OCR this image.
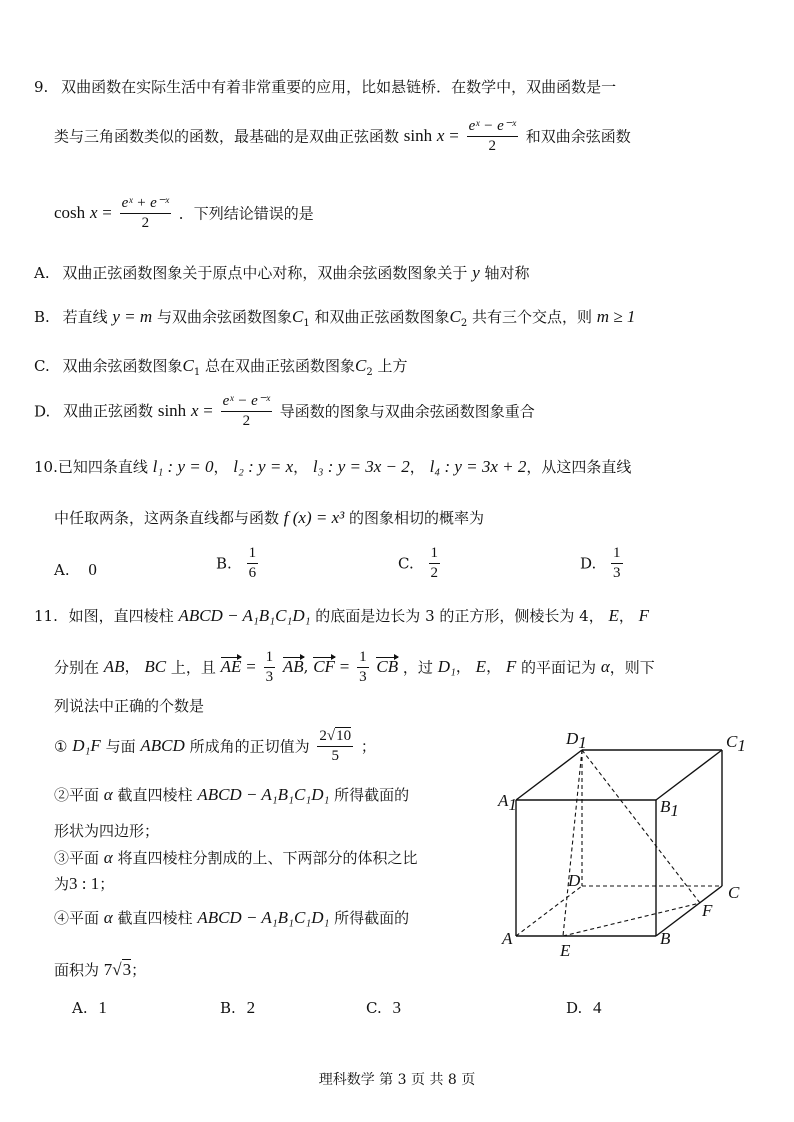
9. 双曲函数在实际生活中有着非常重要的应用，比如悬链桥．在数学中，双曲函数是一
类与三角函数类似的函数，最基础的是双曲正弦函数 $\sinh x = \frac{\text{eˣ − e⁻ˣ}}{2}$ 和双曲余弦函数
$\cosh x = \frac{\text{eˣ + e⁻ˣ}}{2}$ ．下列结论错误的是
A. 双曲正弦函数图象关于原点中心对称，双曲余弦函数图象关于 y 轴对称
B. 若直线 y = m 与双曲余弦函数图象$C_1$ 和双曲正弦函数图象$C_2$ 共有三个交点，则 m ≥ 1
C. 双曲余弦函数图象$C_1$ 总在双曲正弦函数图象$C_2$ 上方
D. 双曲正弦函数 $\sinh x = \frac{\text{eˣ − e⁻ˣ}}{2}$ 导函数的图象与双曲余弦函数图象重合
10.已知四条直线 l₁ : y = 0， l₂ : y = x， l₃ : y = 3x − 2， l₄ : y = 3x + 2，从这四条直线
中任取两条，这两条直线都与函数 f (x) = x³ 的图象相切的概率为
A. 0	B. $\frac{1}{6}$	C. $\frac{1}{2}$	D. $\frac{1}{3}$
11. 如图，直四棱柱 ABCD − A₁B₁C₁D₁ 的底面是边长为 3 的正方形，侧棱长为 4， E， F
分别在 AB， BC 上，且 AE = $\frac{1}{3}$ AB, CF = $\frac{1}{3}$ CB ，过 D₁， E， F 的平面记为 α，则下
列说法中正确的个数是
① D₁F 与面 ABCD 所成角的正切值为 $\frac{2√10}{5}$ ；
②平面 α 截直四棱柱 ABCD − A₁B₁C₁D₁ 所得截面的
形状为四边形；
③平面 α 将直四棱柱分割成的上、下两部分的体积之比
为3 : 1；
④平面 α 截直四棱柱 ABCD − A₁B₁C₁D₁ 所得截面的
面积为 7√3；
A. 1	B. 2	C. 3	D. 4
D1	C1
A1	B1
D
C
F
A
E
B
理科数学 第 3 页 共 8 页
